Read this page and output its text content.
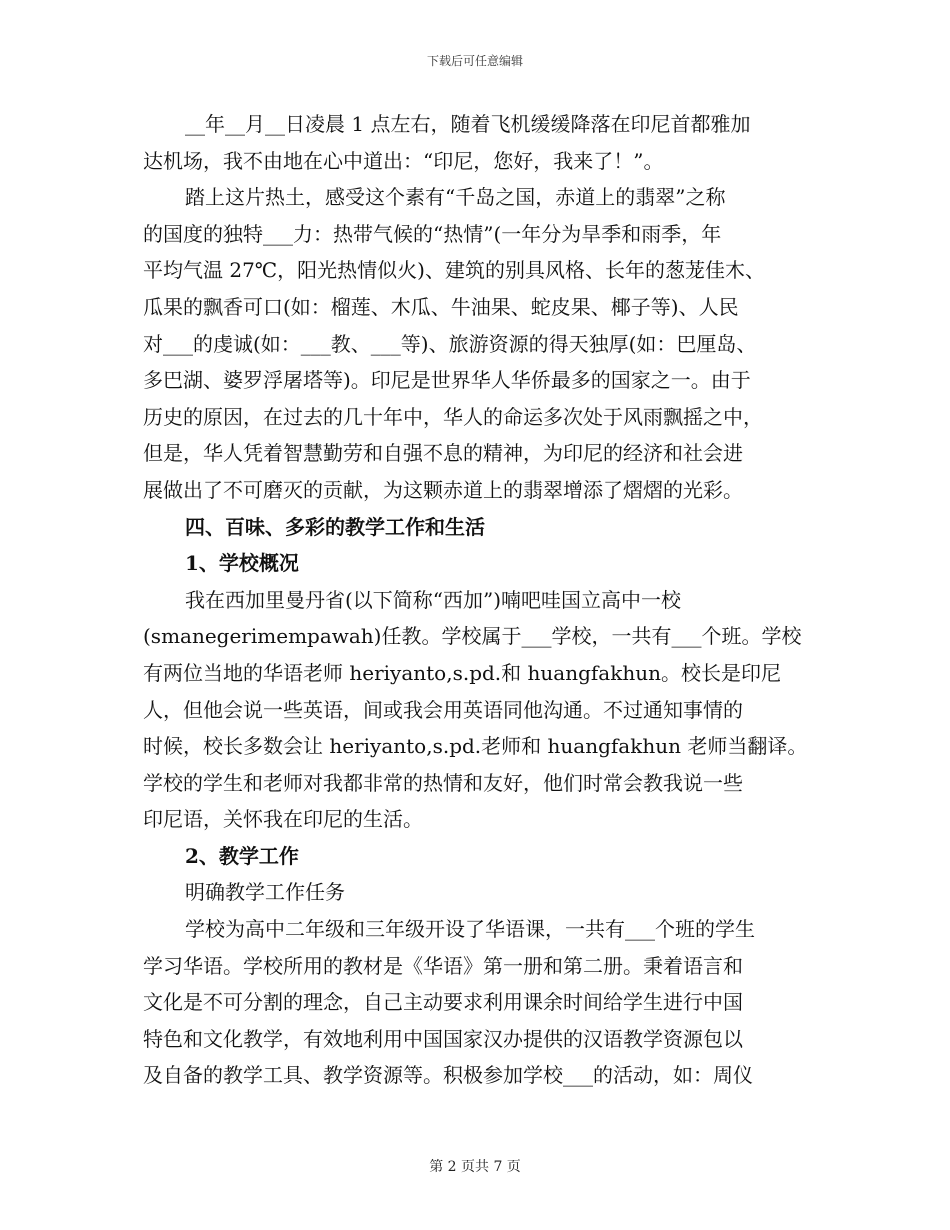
下载后可任意编辑
__年__月__日凌晨 1 点左右，随着飞机缓缓降落在印尼首都雅加
达机场，我不由地在心中道出：“印尼，您好，我来了！”。
踏上这片热土，感受这个素有“千岛之国，赤道上的翡翠”之称
的国度的独特___力：热带气候的“热情”(一年分为旱季和雨季，年
平均气温 27℃，阳光热情似火)、建筑的别具风格、长年的葱茏佳木、
瓜果的飘香可口(如：榴莲、木瓜、牛油果、蛇皮果、椰子等)、人民
对___的虔诚(如：___教、___等)、旅游资源的得天独厚(如：巴厘岛、
多巴湖、婆罗浮屠塔等)。印尼是世界华人华侨最多的国家之一。由于
历史的原因，在过去的几十年中，华人的命运多次处于风雨飘摇之中，
但是，华人凭着智慧勤劳和自强不息的精神，为印尼的经济和社会进
展做出了不可磨灭的贡献，为这颗赤道上的翡翠增添了熠熠的光彩。
四、百味、多彩的教学工作和生活
1、学校概况
我在西加里曼丹省(以下简称“西加”)喃吧哇国立高中一校
(smanegerimempawah)任教。学校属于___学校，一共有___个班。学校
有两位当地的华语老师 heriyanto,s.pd.和 huangfakhun。校长是印尼
人，但他会说一些英语，间或我会用英语同他沟通。不过通知事情的
时候，校长多数会让 heriyanto,s.pd.老师和 huangfakhun 老师当翻译。
学校的学生和老师对我都非常的热情和友好，他们时常会教我说一些
印尼语，关怀我在印尼的生活。
2、教学工作
明确教学工作任务
学校为高中二年级和三年级开设了华语课，一共有___个班的学生
学习华语。学校所用的教材是《华语》第一册和第二册。秉着语言和
文化是不可分割的理念，自己主动要求利用课余时间给学生进行中国
特色和文化教学，有效地利用中国国家汉办提供的汉语教学资源包以
及自备的教学工具、教学资源等。积极参加学校___的活动，如：周仪
第 2 页共 7 页
